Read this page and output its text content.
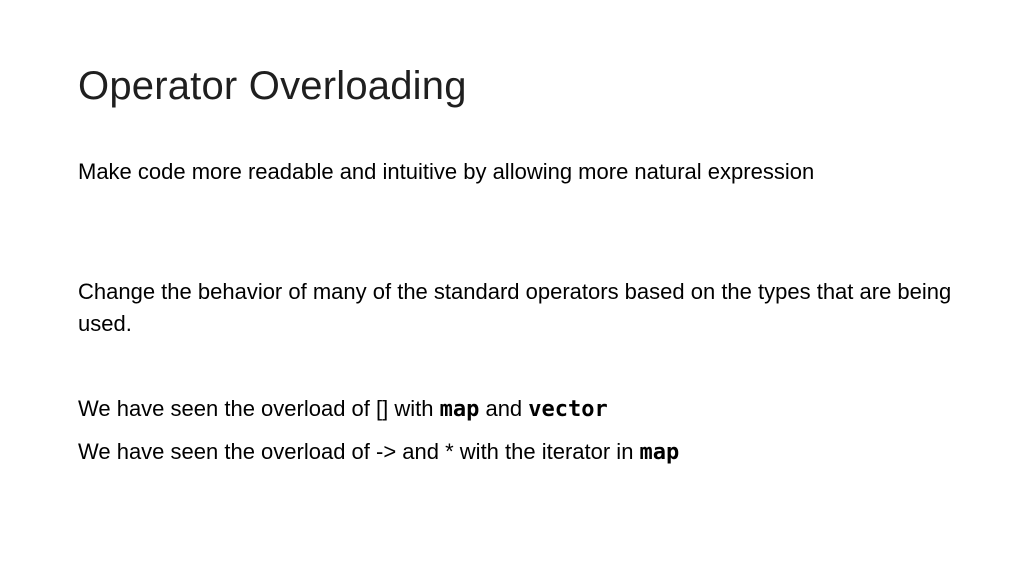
Operator Overloading
Make code more readable and intuitive by allowing more natural expression
Change the behavior of many of the standard operators based on the types that are being used.
We have seen the overload of [] with map and vector
We have seen the overload of -> and * with the iterator in map
